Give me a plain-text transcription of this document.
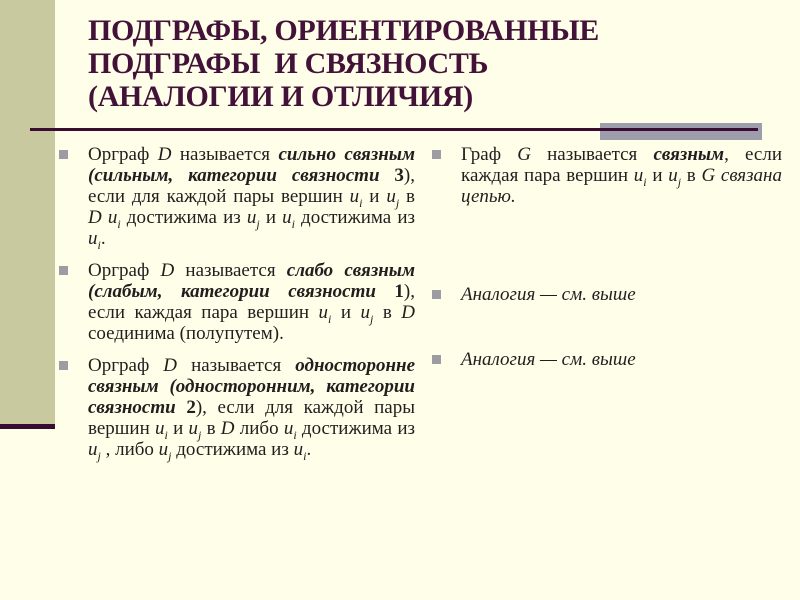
ПОДГРАФЫ, ОРИЕНТИРОВАННЫЕ
ПОДГРАФЫ  И СВЯЗНОСТЬ
(АНАЛОГИИ И ОТЛИЧИЯ)
Орграф D называется сильно связным (сильным, категории связности 3), если для каждой пары вершин $u_i$ и $u_j$ в D $u_i$ достижима из $u_j$ и $u_i$ достижима из $u_i$.
Орграф D называется слабо связным (слабым, категории связности 1), если каждая пара вершин $u_i$ и $u_j$ в D соединима (полупутем).
Орграф D называется односторонне связным (односторонним, категории связности 2), если для каждой пары вершин $u_i$ и $u_j$ в D либо $u_i$ достижима из $u_j$ , либо $u_j$ достижима из $u_i$.
Граф G называется связным, если каждая пара вершин $u_i$ и $u_j$ в G связана цепью.
Аналогия — см. выше
Аналогия — см. выше
